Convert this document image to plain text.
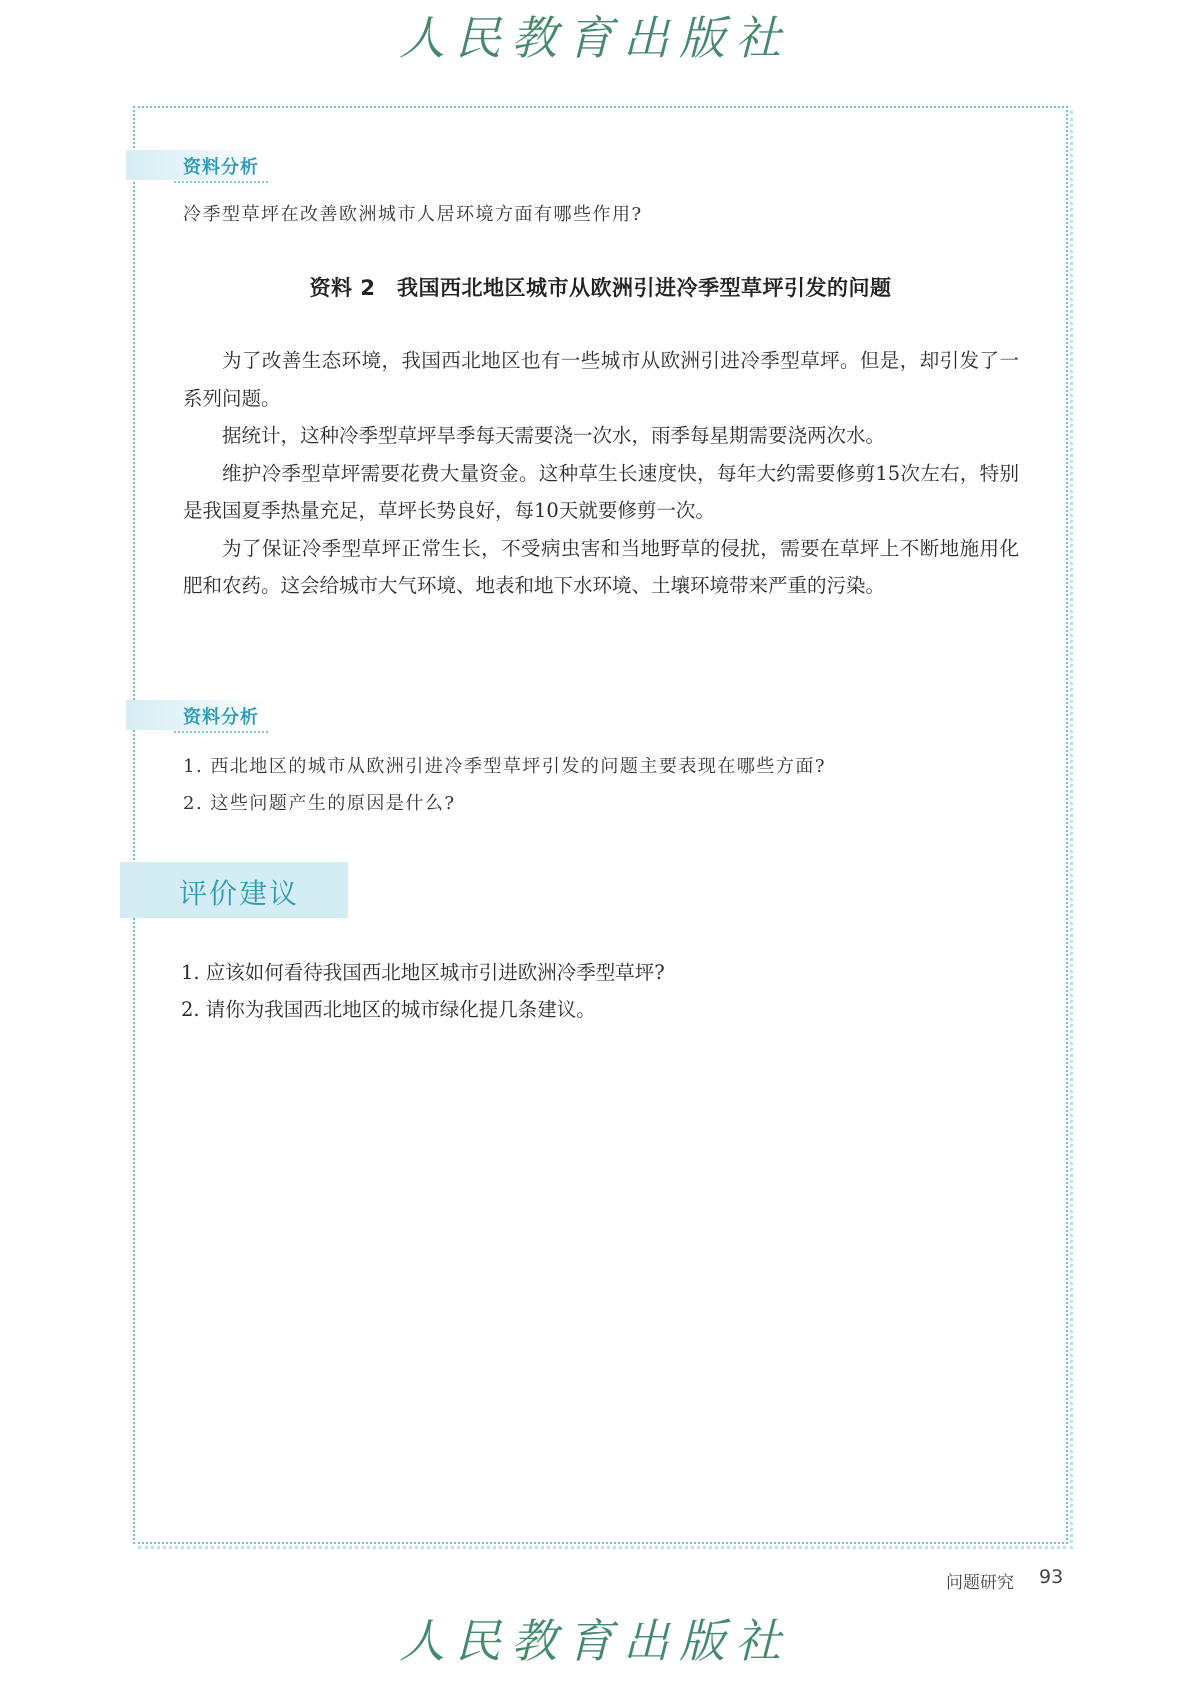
人民教育出版社
资料分析
冷季型草坪在改善欧洲城市人居环境方面有哪些作用?
资料 2　我国西北地区城市从欧洲引进冷季型草坪引发的问题

为了改善生态环境，我国西北地区也有一些城市从欧洲引进冷季型草坪。但是，却引发了一系列问题。

据统计，这种冷季型草坪旱季每天需要浇一次水，雨季每星期需要浇两次水。

维护冷季型草坪需要花费大量资金。这种草生长速度快，每年大约需要修剪15次左右，特别是我国夏季热量充足，草坪长势良好，每10天就要修剪一次。

为了保证冷季型草坪正常生长，不受病虫害和当地野草的侵扰，需要在草坪上不断地施用化肥和农药。这会给城市大气环境、地表和地下水环境、土壤环境带来严重的污染。

资料分析
1. 西北地区的城市从欧洲引进冷季型草坪引发的问题主要表现在哪些方面?
2. 这些问题产生的原因是什么?
评价建议
1. 应该如何看待我国西北地区城市引进欧洲冷季型草坪?
2. 请你为我国西北地区的城市绿化提几条建议。
问题研究 93
人民教育出版社
